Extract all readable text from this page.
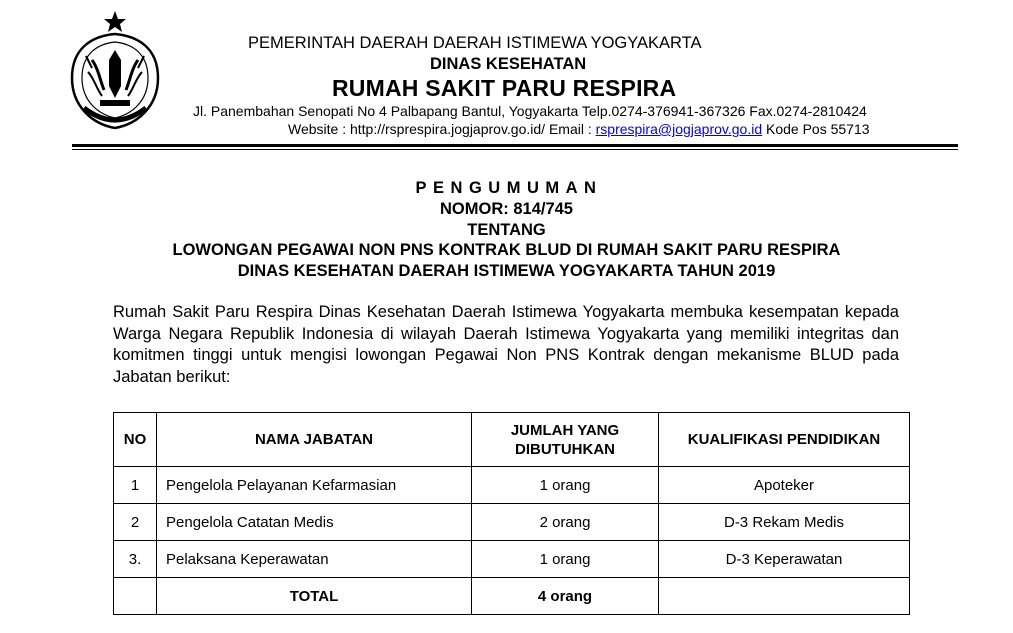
PEMERINTAH DAERAH DAERAH ISTIMEWA YOGYAKARTA
DINAS KESEHATAN
RUMAH SAKIT PARU RESPIRA
Jl. Panembahan Senopati No 4 Palbapang Bantul, Yogyakarta Telp.0274-376941-367326 Fax.0274-2810424
Website : http://rsprespira.jogjaprov.go.id/ Email : rsprespira@jogjaprov.go.id Kode Pos 55713
PENGUMUMAN
NOMOR: 814/745
TENTANG
LOWONGAN PEGAWAI NON PNS KONTRAK BLUD DI RUMAH SAKIT PARU RESPIRA
DINAS KESEHATAN DAERAH ISTIMEWA YOGYAKARTA TAHUN 2019
Rumah Sakit Paru Respira Dinas Kesehatan Daerah Istimewa Yogyakarta membuka kesempatan kepada Warga Negara Republik Indonesia di wilayah Daerah Istimewa Yogyakarta yang memiliki integritas dan komitmen tinggi untuk mengisi lowongan Pegawai Non PNS Kontrak dengan mekanisme BLUD pada Jabatan berikut:
NO	NAMA JABATAN	JUMLAH YANG
DIBUTUHKAN	KUALIFIKASI PENDIDIKAN
1	Pengelola Pelayanan Kefarmasian	1 orang	Apoteker
2	Pengelola Catatan Medis	2 orang	D-3 Rekam Medis
3.	Pelaksana Keperawatan	1 orang	D-3 Keperawatan
	TOTAL	4 orang	
